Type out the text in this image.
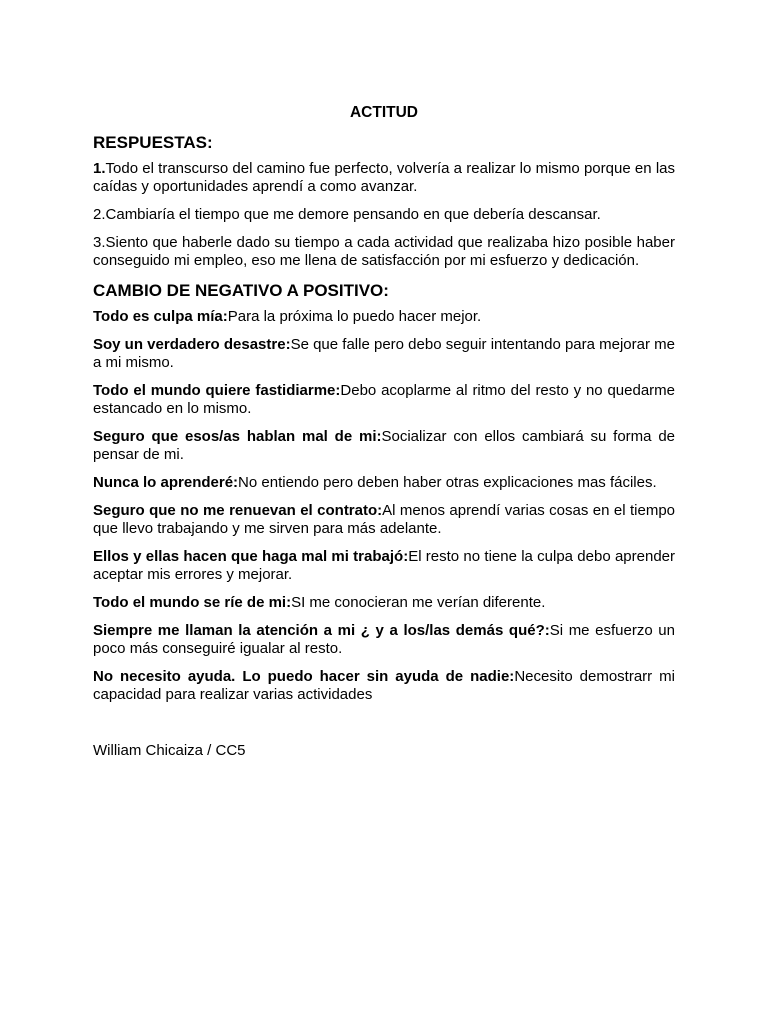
ACTITUD
RESPUESTAS:
1.Todo el transcurso del camino fue perfecto, volvería a realizar lo mismo porque en las caídas y oportunidades aprendí a como avanzar.
2.Cambiaría el tiempo que me demore pensando en que debería descansar.
3.Siento que haberle dado su tiempo a cada actividad que realizaba hizo posible haber conseguido mi empleo, eso me llena de satisfacción por mi esfuerzo y dedicación.
CAMBIO DE NEGATIVO A POSITIVO:
Todo es culpa mía:Para la próxima lo puedo hacer mejor.
Soy un verdadero desastre:Se que falle pero debo seguir intentando para mejorar me a mi mismo.
Todo el mundo quiere fastidiarme:Debo acoplarme al ritmo del resto y no quedarme estancado en lo mismo.
Seguro que esos/as hablan mal de mi:Socializar con ellos cambiará su forma de pensar de mi.
Nunca lo aprenderé:No entiendo pero deben haber otras explicaciones mas fáciles.
Seguro que no me renuevan el contrato:Al menos aprendí varias cosas en el tiempo que llevo trabajando y me sirven para más adelante.
Ellos y ellas hacen que haga mal mi trabajó:El resto no tiene la culpa debo aprender aceptar mis errores y mejorar.
Todo el mundo se ríe de mi:SI me conocieran me verían diferente.
Siempre me llaman la atención a mi ¿ y a los/las demás qué?:Si me esfuerzo un poco más conseguiré igualar al resto.
No necesito ayuda. Lo puedo hacer sin ayuda de nadie:Necesito demostrarr mi capacidad para realizar varias actividades
William Chicaiza / CC5
